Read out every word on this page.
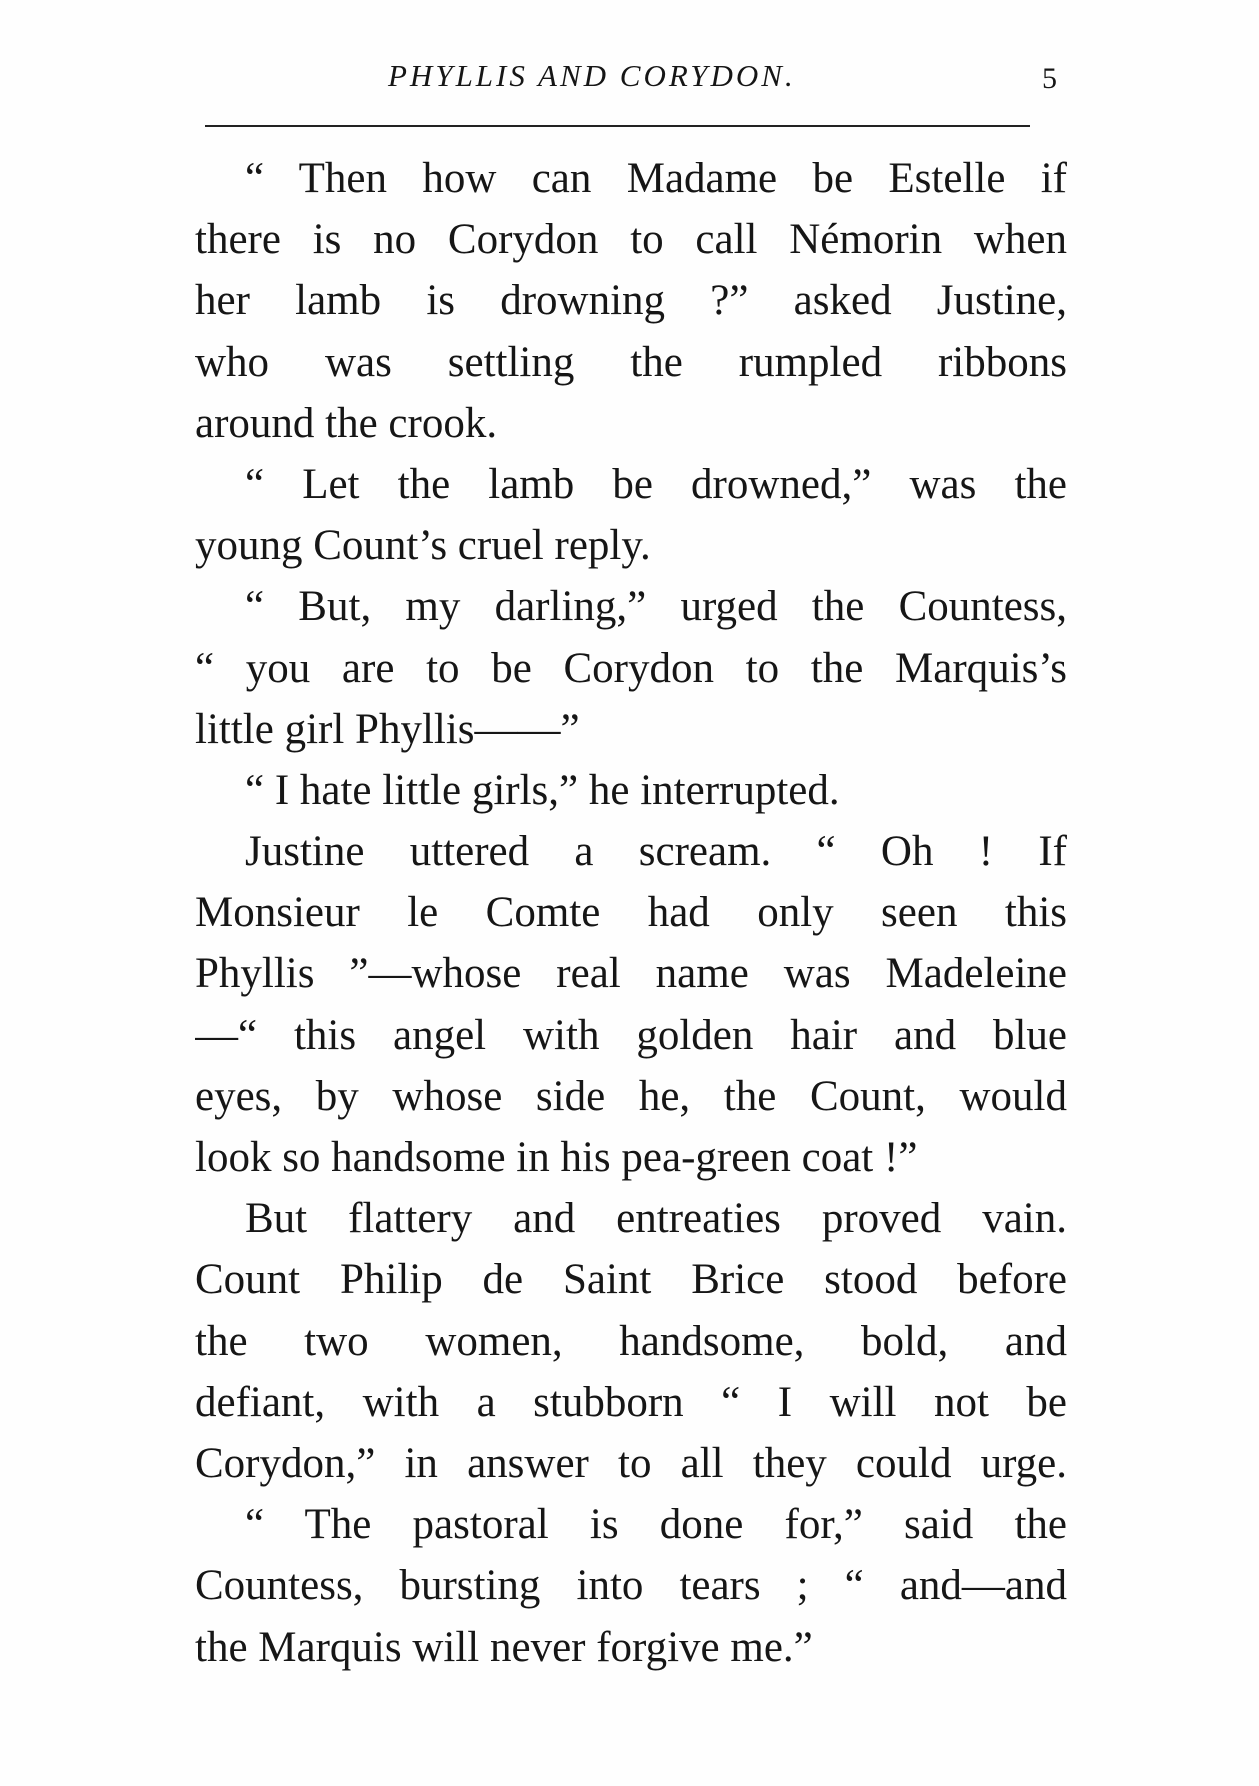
PHYLLIS AND CORYDON.	5
“ Then how can Madame be Estelle if
there is no Corydon to call Némorin when
her lamb is drowning ?” asked Justine,
who was settling the rumpled ribbons
around the crook.
“ Let the lamb be drowned,” was the
young Count’s cruel reply.
“ But, my darling,” urged the Countess,
“ you are to be Corydon to the Marquis’s
little girl Phyllis——”
“ I hate little girls,” he interrupted.
Justine uttered a scream. “ Oh ! If
Monsieur le Comte had only seen this
Phyllis ”—whose real name was Madeleine
—“ this angel with golden hair and blue
eyes, by whose side he, the Count, would
look so handsome in his pea-green coat !”
But flattery and entreaties proved vain.
Count Philip de Saint Brice stood before
the two women, handsome, bold, and
defiant, with a stubborn “ I will not be
Corydon,” in answer to all they could urge.
“ The pastoral is done for,” said the
Countess, bursting into tears ; “ and—and
the Marquis will never forgive me.”
